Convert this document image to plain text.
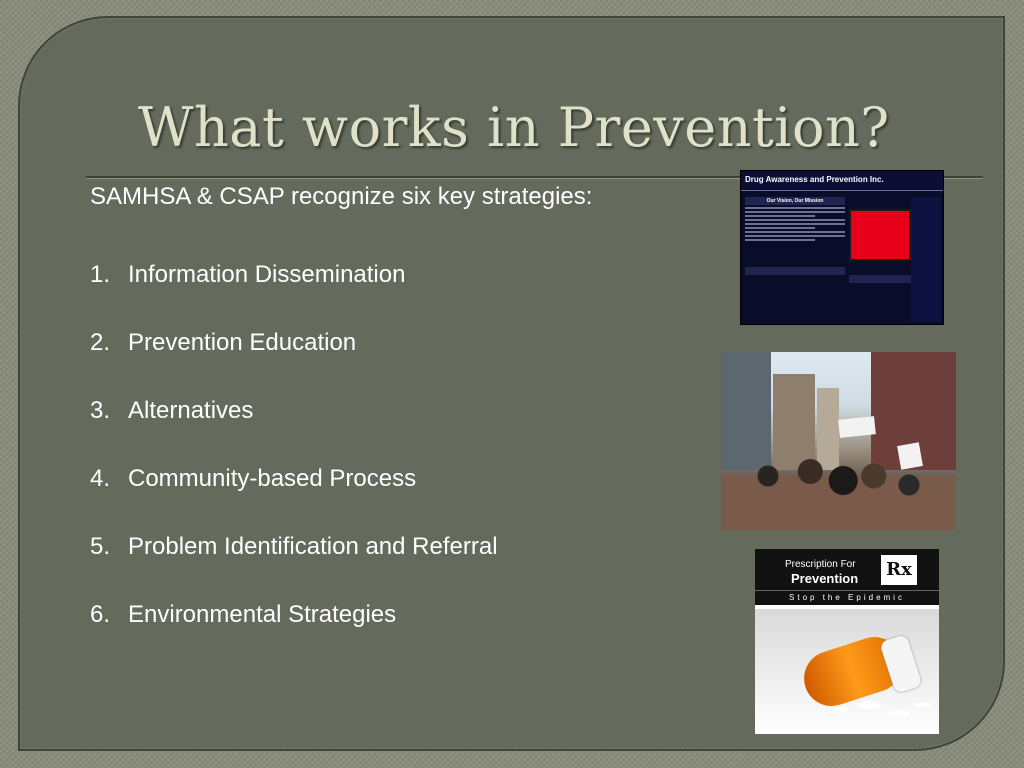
What works in Prevention?

SAMHSA & CSAP recognize six key strategies:

1. Information Dissemination
2. Prevention Education
3. Alternatives
4. Community-based Process
5. Problem Identification and Referral
6. Environmental Strategies
Drug Awareness and Prevention Inc.
Our Vision, Our Mission
Prescription For
Prevention Rx
Stop the Epidemic
